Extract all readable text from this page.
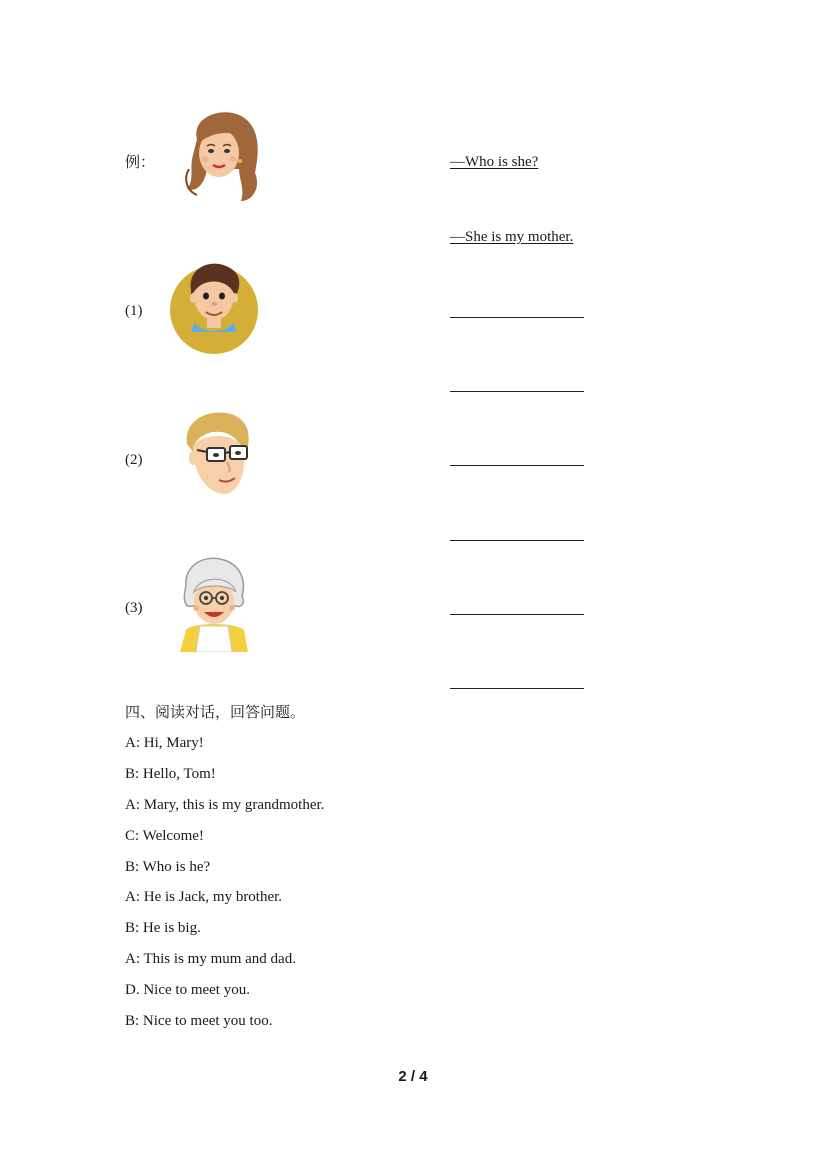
例：	—Who is she?
—She is my mother.
(1)
(2)
(3)
四、阅读对话，回答问题。
A: Hi, Mary!
B: Hello, Tom!
A: Mary, this is my grandmother.
C: Welcome!
B: Who is he?
A: He is Jack, my brother.
B: He is big.
A: This is my mum and dad.
D. Nice to meet you.
B: Nice to meet you too.
2 / 4
